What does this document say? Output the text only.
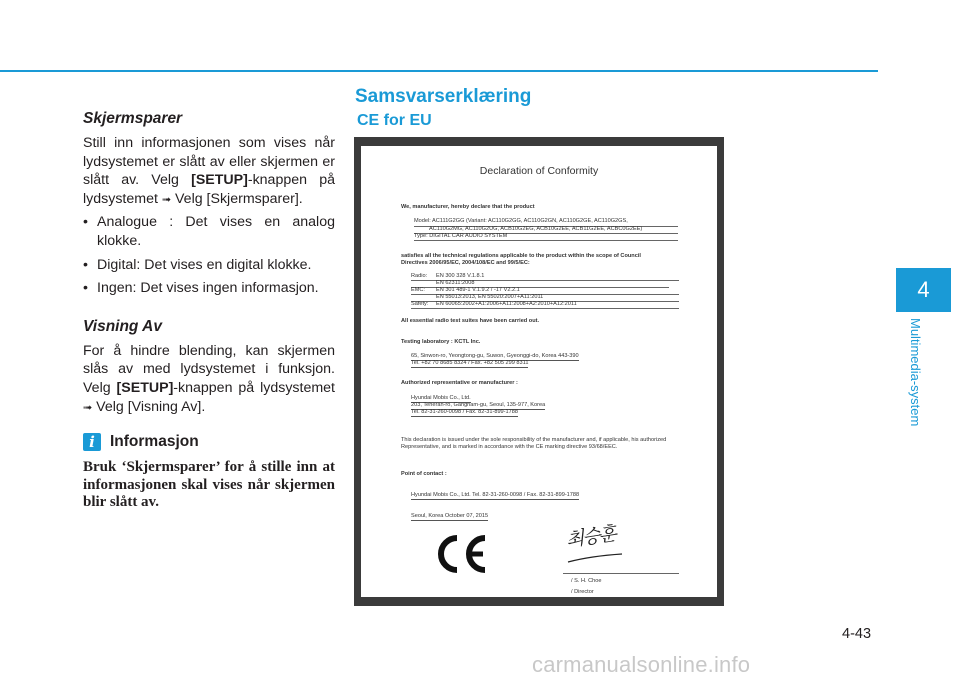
Skjermsparer

Still inn informasjonen som vises når lydsystemet er slått av eller skjermen er slått av. Velg [SETUP]-knappen på lydsystemet ➟ Velg [Skjermsparer].

• Analogue : Det vises en analog klokke.
• Digital: Det vises en digital klokke.
• Ingen: Det vises ingen informasjon.
Visning Av

For å hindre blending, kan skjermen slås av med lydsystemet i funksjon. Velg [SETUP]-knappen på lydsystemet ➟ Velg [Visning Av].

i Informasjon
Bruk ‘Skjermsparer’ for å stille inn at informasjonen skal vises når skjermen blir slått av.
Samsvarserklæring
CE for EU
Declaration of Conformity
We, manufacturer, hereby declare that the product
Model: AC111G2GG (Variant: AC110G2GG, AC110G2GN, AC110G2GE, AC110G2GS,
AC110G2MG, AC110G2UG, ACB10G2EG, ACB10G2EE, ACB11G2EE, ACBC0G2EE)
Type: DIGITAL CAR AUDIO SYSTEM
satisfies all the technical regulations applicable to the product within the scope of Council
Directives 2006/95/EC, 2004/108/EC and 99/5/EC:
Radio: EN 300 328 V.1.8.1
EN 62311:2008
EMC: EN 301 489-1 V.1.9.2 / -17 V2.2.1
EN 55013:2013, EN 55020:2007+A11:2011
Safety: EN 60065:2002+A1:2006+A11:2008+A2:2010+A12:2011
All essential radio test suites have been carried out.
Testing laboratory : KCTL Inc.
65, Sinwon-ro, Yeongtong-gu, Suwon, Gyeonggi-do, Korea 443-390
Tel. +82 70 8685 8324 / Fax. +82 505 299 8311
Authorized representative or manufacturer :
Hyundai Mobis Co., Ltd.
203, Teheran-ro, Gangnam-gu, Seoul, 135-977, Korea
Tel. 82-31-260-0098 / Fax. 82-31-899-1788
This declaration is issued under the sole responsibility of the manufacturer and, if applicable, his authorized
Representative, and is marked in accordance with the CE marking directive 93/68/EEC.
Point of contact :
Hyundai Mobis Co., Ltd. Tel. 82-31-260-0098 / Fax. 82-31-899-1788
Seoul, Korea October 07, 2015
최승훈
/ S. H. Choe
/ Director
4
Multimedia-system
4-43
carmanualsonline.info
